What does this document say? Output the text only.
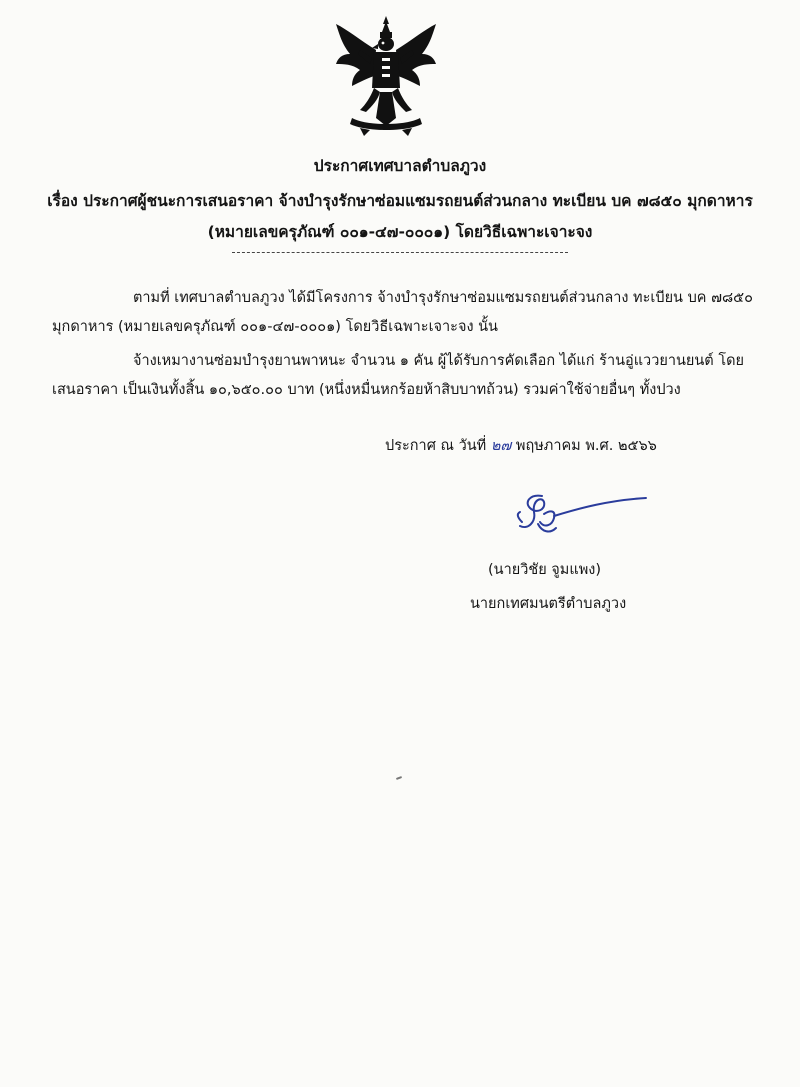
ประกาศเทศบาลตำบลภูวง
เรื่อง ประกาศผู้ชนะการเสนอราคา จ้างบำรุงรักษาซ่อมแซมรถยนต์ส่วนกลาง ทะเบียน บค ๗๘๕๐ มุกดาหาร
(หมายเลขครุภัณฑ์ ๐๐๑-๔๗-๐๐๐๑) โดยวิธีเฉพาะเจาะจง
ตามที่ เทศบาลตำบลภูวง ได้มีโครงการ จ้างบำรุงรักษาซ่อมแซมรถยนต์ส่วนกลาง ทะเบียน บค ๗๘๕๐
มุกดาหาร (หมายเลขครุภัณฑ์ ๐๐๑-๔๗-๐๐๐๑) โดยวิธีเฉพาะเจาะจง นั้น
จ้างเหมางานซ่อมบำรุงยานพาหนะ จำนวน ๑ คัน ผู้ได้รับการคัดเลือก ได้แก่ ร้านอู่แววยานยนต์ โดย
เสนอราคา เป็นเงินทั้งสิ้น ๑๐,๖๕๐.๐๐ บาท (หนึ่งหมื่นหกร้อยห้าสิบบาทถ้วน) รวมค่าใช้จ่ายอื่นๆ ทั้งปวง
ประกาศ ณ วันที่ ๒๗ พฤษภาคม พ.ศ. ๒๕๖๖
(นายวิชัย จูมแพง)
นายกเทศมนตรีตำบลภูวง
